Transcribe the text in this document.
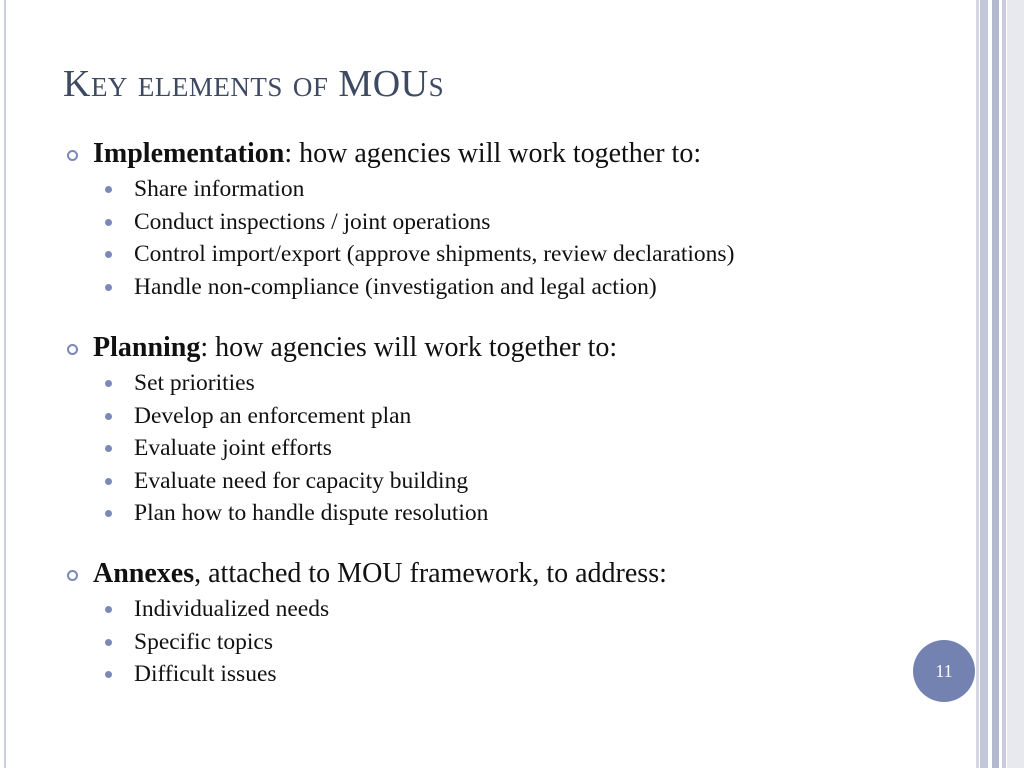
Key elements of MOUs
Implementation: how agencies will work together to:
Share information
Conduct inspections / joint operations
Control import/export (approve shipments, review declarations)
Handle non-compliance (investigation and legal action)
Planning: how agencies will work together to:
Set priorities
Develop an enforcement plan
Evaluate joint efforts
Evaluate need for capacity building
Plan how to handle dispute resolution
Annexes, attached to MOU framework, to address:
Individualized needs
Specific topics
Difficult issues	11
